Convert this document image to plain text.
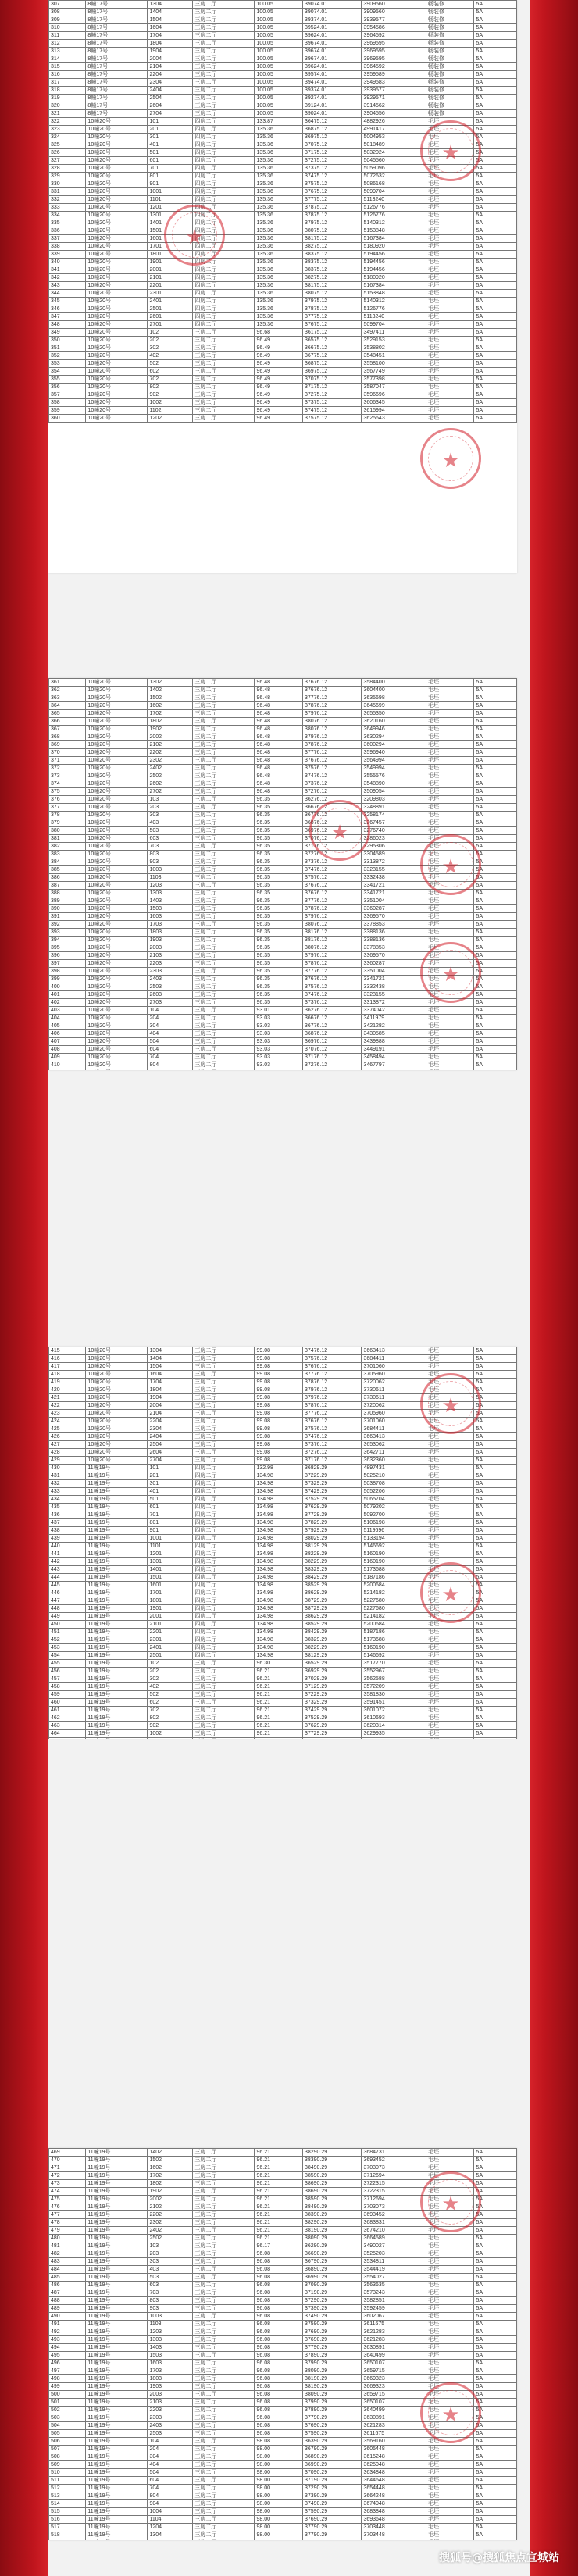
307	8幢17号	1304	三房二厅	100.05	39074.01	3909560	畅装修	5A
308	8幢17号	1404	三房二厅	100.05	39074.01	3909560	畅装修	5A
309	8幢17号	1504	三房二厅	100.05	39374.01	3939577	畅装修	5A
310	8幢17号	1604	三房二厅	100.05	39524.01	3954586	畅装修	5A
311	8幢17号	1704	三房二厅	100.05	39624.01	3964592	畅装修	5A
312	8幢17号	1804	三房二厅	100.05	39674.01	3969595	畅装修	5A
313	8幢17号	1904	三房二厅	100.05	39674.01	3969595	畅装修	5A
314	8幢17号	2004	三房二厅	100.05	39674.01	3969595	畅装修	5A
315	8幢17号	2104	三房二厅	100.05	39624.01	3964592	畅装修	5A
316	8幢17号	2204	三房二厅	100.05	39574.01	3959589	畅装修	5A
317	8幢17号	2304	三房二厅	100.05	39474.01	3949583	畅装修	5A
318	8幢17号	2404	三房二厅	100.05	39374.01	3939577	畅装修	5A
319	8幢17号	2504	三房二厅	100.05	39274.01	3929571	畅装修	5A
320	8幢17号	2604	三房二厅	100.05	39124.01	3914562	畅装修	5A
321	8幢17号	2704	三房二厅	100.05	39024.01	3904556	畅装修	5A
322	10幢20号	101	四房二厅	133.87	36475.12	4882926	毛坯	5A
323	10幢20号	201	四房二厅	135.36	36875.12	4991417	毛坯	5A
324	10幢20号	301	四房二厅	135.36	36975.12	5004953	毛坯	5A
325	10幢20号	401	四房二厅	135.36	37075.12	5018489	毛坯	5A
326	10幢20号	501	四房二厅	135.36	37175.12	5032024	毛坯	5A
327	10幢20号	601	四房二厅	135.36	37275.12	5045560	毛坯	5A
328	10幢20号	701	四房二厅	135.36	37375.12	5059096	毛坯	5A
329	10幢20号	801	四房二厅	135.36	37475.12	5072632	毛坯	5A
330	10幢20号	901	四房二厅	135.36	37575.12	5086168	毛坯	5A
331	10幢20号	1001	四房二厅	135.36	37675.12	5099704	毛坯	5A
332	10幢20号	1101	四房二厅	135.36	37775.12	5113240	毛坯	5A
333	10幢20号	1201	四房二厅	135.36	37875.12	5126776	毛坯	5A
334	10幢20号	1301	四房二厅	135.36	37875.12	5126776	毛坯	5A
335	10幢20号	1401	四房二厅	135.36	37975.12	5140312	毛坯	5A
336	10幢20号	1501	四房二厅	135.36	38075.12	5153848	毛坯	5A
337	10幢20号	1601	四房二厅	135.36	38175.12	5167384	毛坯	5A
338	10幢20号	1701	四房二厅	135.36	38275.12	5180920	毛坯	5A
339	10幢20号	1801	四房二厅	135.36	38375.12	5194456	毛坯	5A
340	10幢20号	1901	四房二厅	135.36	38375.12	5194456	毛坯	5A
341	10幢20号	2001	四房二厅	135.36	38375.12	5194456	毛坯	5A
342	10幢20号	2101	四房二厅	135.36	38275.12	5180920	毛坯	5A
343	10幢20号	2201	四房二厅	135.36	38175.12	5167384	毛坯	5A
344	10幢20号	2301	四房二厅	135.36	38075.12	5153848	毛坯	5A
345	10幢20号	2401	四房二厅	135.36	37975.12	5140312	毛坯	5A
346	10幢20号	2501	四房二厅	135.36	37875.12	5126776	毛坯	5A
347	10幢20号	2601	四房二厅	135.36	37775.12	5113240	毛坯	5A
348	10幢20号	2701	四房二厅	135.36	37675.12	5099704	毛坯	5A
349	10幢20号	102	三房二厅	96.68	36175.12	3497411	毛坯	5A
350	10幢20号	202	三房二厅	96.49	36575.12	3529153	毛坯	5A
351	10幢20号	302	三房二厅	96.49	36675.12	3538802	毛坯	5A
352	10幢20号	402	三房二厅	96.49	36775.12	3548451	毛坯	5A
353	10幢20号	502	三房二厅	96.49	36875.12	3558100	毛坯	5A
354	10幢20号	602	三房二厅	96.49	36975.12	3567749	毛坯	5A
355	10幢20号	702	三房二厅	96.49	37075.12	3577398	毛坯	5A
356	10幢20号	802	三房二厅	96.49	37175.12	3587047	毛坯	5A
357	10幢20号	902	三房二厅	96.49	37275.12	3596696	毛坯	5A
358	10幢20号	1002	三房二厅	96.49	37375.12	3606345	毛坯	5A
359	10幢20号	1102	三房二厅	96.49	37475.12	3615994	毛坯	5A
360	10幢20号	1202	三房二厅	96.49	37575.12	3625643	毛坯	5A
★
★
★
361	10幢20号	1302	三房二厅	96.48	37676.12	3584400	毛坯	5A
362	10幢20号	1402	三房二厅	96.48	37676.12	3604400	毛坯	5A
363	10幢20号	1502	三房二厅	96.48	37776.12	3635698	毛坯	5A
364	10幢20号	1602	三房二厅	96.48	37876.12	3645699	毛坯	5A
365	10幢20号	1702	三房二厅	96.48	37976.12	3655350	毛坯	5A
366	10幢20号	1802	三房二厅	96.48	38076.12	3620160	毛坯	5A
367	10幢20号	1902	三房二厅	96.48	38076.12	3649946	毛坯	5A
368	10幢20号	2002	三房二厅	96.48	37976.12	3630294	毛坯	5A
369	10幢20号	2102	三房二厅	96.48	37876.12	3600294	毛坯	5A
370	10幢20号	2202	三房二厅	96.48	37776.12	3596940	毛坯	5A
371	10幢20号	2302	三房二厅	96.48	37676.12	3564994	毛坯	5A
372	10幢20号	2402	三房二厅	96.48	37576.12	3549994	毛坯	5A
373	10幢20号	2502	三房二厅	96.48	37476.12	3555576	毛坯	5A
374	10幢20号	2602	三房二厅	96.48	37376.12	3548890	毛坯	5A
375	10幢20号	2702	三房二厅	96.48	37276.12	3509054	毛坯	5A
376	10幢20号	103	三房二厅	96.35	36276.12	3209803	毛坯	5A
377	10幢20号	203	三房二厅	96.35	36676.12	3248891	毛坯	5A
378	10幢20号	303	三房二厅	96.35	36776.12	3258174	毛坯	5A
379	10幢20号	403	三房二厅	96.35	36876.12	3267457	毛坯	5A
380	10幢20号	503	三房二厅	96.35	36976.12	3276740	毛坯	5A
381	10幢20号	603	三房二厅	96.35	37076.12	3286023	毛坯	5A
382	10幢20号	703	三房二厅	96.35	37176.12	3295306	毛坯	5A
383	10幢20号	803	三房二厅	96.35	37276.12	3304589	毛坯	5A
384	10幢20号	903	三房二厅	96.35	37376.12	3313872	毛坯	5A
385	10幢20号	1003	三房二厅	96.35	37476.12	3323155	毛坯	5A
386	10幢20号	1103	三房二厅	96.35	37576.12	3332438	毛坯	5A
387	10幢20号	1203	三房二厅	96.35	37676.12	3341721	毛坯	5A
388	10幢20号	1303	三房二厅	96.35	37676.12	3341721	毛坯	5A
389	10幢20号	1403	三房二厅	96.35	37776.12	3351004	毛坯	5A
390	10幢20号	1503	三房二厅	96.35	37876.12	3360287	毛坯	5A
391	10幢20号	1603	三房二厅	96.35	37976.12	3369570	毛坯	5A
392	10幢20号	1703	三房二厅	96.35	38076.12	3378853	毛坯	5A
393	10幢20号	1803	三房二厅	96.35	38176.12	3388136	毛坯	5A
394	10幢20号	1903	三房二厅	96.35	38176.12	3388136	毛坯	5A
395	10幢20号	2003	三房二厅	96.35	38076.12	3378853	毛坯	5A
396	10幢20号	2103	三房二厅	96.35	37976.12	3369570	毛坯	5A
397	10幢20号	2203	三房二厅	96.35	37876.12	3360287	毛坯	5A
398	10幢20号	2303	三房二厅	96.35	37776.12	3351004	毛坯	5A
399	10幢20号	2403	三房二厅	96.35	37676.12	3341721	毛坯	5A
400	10幢20号	2503	三房二厅	96.35	37576.12	3332438	毛坯	5A
401	10幢20号	2603	三房二厅	96.35	37476.12	3323155	毛坯	5A
402	10幢20号	2703	三房二厅	96.35	37376.12	3313872	毛坯	5A
403	10幢20号	104	三房二厅	93.01	36276.12	3374042	毛坯	5A
404	10幢20号	204	三房二厅	93.03	36676.12	3411979	毛坯	5A
405	10幢20号	304	三房二厅	93.03	36776.12	3421282	毛坯	5A
406	10幢20号	404	三房二厅	93.03	36876.12	3430585	毛坯	5A
407	10幢20号	504	三房二厅	93.03	36976.12	3439888	毛坯	5A
408	10幢20号	604	三房二厅	93.03	37076.12	3449191	毛坯	5A
409	10幢20号	704	三房二厅	93.03	37176.12	3458494	毛坯	5A
410	10幢20号	804	三房二厅	93.03	37276.12	3467797	毛坯	5A

★
★
★
415	10幢20号	1304	三房二厅	99.08	37476.12	3663413	毛坯	5A
416	10幢20号	1404	三房二厅	99.08	37576.12	3684411	毛坯	5A
417	10幢20号	1504	三房二厅	99.08	37676.12	3701060	毛坯	5A
418	10幢20号	1604	三房二厅	99.08	37776.12	3705960	毛坯	5A
419	10幢20号	1704	三房二厅	99.08	37876.12	3720062	毛坯	5A
420	10幢20号	1804	三房二厅	99.08	37976.12	3730611	毛坯	5A
421	10幢20号	1904	三房二厅	99.08	37976.12	3730611	毛坯	5A
422	10幢20号	2004	三房二厅	99.08	37876.12	3720062	毛坯	5A
423	10幢20号	2104	三房二厅	99.08	37776.12	3705960	毛坯	5A
424	10幢20号	2204	三房二厅	99.08	37676.12	3701060	毛坯	5A
425	10幢20号	2304	三房二厅	99.08	37576.12	3684411	毛坯	5A
426	10幢20号	2404	三房二厅	99.08	37476.12	3663413	毛坯	5A
427	10幢20号	2504	三房二厅	99.08	37376.12	3653062	毛坯	5A
428	10幢20号	2604	三房二厅	99.08	37276.12	3642711	毛坯	5A
429	10幢20号	2704	三房二厅	99.08	37176.12	3632360	毛坯	5A
430	11幢19号	101	四房二厅	132.98	36829.29	4897431	毛坯	5A
431	11幢19号	201	四房二厅	134.98	37229.29	5025210	毛坯	5A
432	11幢19号	301	四房二厅	134.98	37329.29	5038708	毛坯	5A
433	11幢19号	401	四房二厅	134.98	37429.29	5052206	毛坯	5A
434	11幢19号	501	四房二厅	134.98	37529.29	5065704	毛坯	5A
435	11幢19号	601	四房二厅	134.98	37629.29	5079202	毛坯	5A
436	11幢19号	701	四房二厅	134.98	37729.29	5092700	毛坯	5A
437	11幢19号	801	四房二厅	134.98	37829.29	5106198	毛坯	5A
438	11幢19号	901	四房二厅	134.98	37929.29	5119696	毛坯	5A
439	11幢19号	1001	四房二厅	134.98	38029.29	5133194	毛坯	5A
440	11幢19号	1101	四房二厅	134.98	38129.29	5146692	毛坯	5A
441	11幢19号	1201	四房二厅	134.98	38229.29	5160190	毛坯	5A
442	11幢19号	1301	四房二厅	134.98	38229.29	5160190	毛坯	5A
443	11幢19号	1401	四房二厅	134.98	38329.29	5173688	毛坯	5A
444	11幢19号	1501	四房二厅	134.98	38429.29	5187186	毛坯	5A
445	11幢19号	1601	四房二厅	134.98	38529.29	5200684	毛坯	5A
446	11幢19号	1701	四房二厅	134.98	38629.29	5214182	毛坯	5A
447	11幢19号	1801	四房二厅	134.98	38729.29	5227680	毛坯	5A
448	11幢19号	1901	四房二厅	134.98	38729.29	5227680	毛坯	5A
449	11幢19号	2001	四房二厅	134.98	38629.29	5214182	毛坯	5A
450	11幢19号	2101	四房二厅	134.98	38529.29	5200684	毛坯	5A
451	11幢19号	2201	四房二厅	134.98	38429.29	5187186	毛坯	5A
452	11幢19号	2301	四房二厅	134.98	38329.29	5173688	毛坯	5A
453	11幢19号	2401	四房二厅	134.98	38229.29	5160190	毛坯	5A
454	11幢19号	2501	四房二厅	134.98	38129.29	5146692	毛坯	5A
455	11幢19号	102	三房二厅	96.30	36529.29	3517770	毛坯	5A
456	11幢19号	202	三房二厅	96.21	36929.29	3552967	毛坯	5A
457	11幢19号	302	三房二厅	96.21	37029.29	3562588	毛坯	5A
458	11幢19号	402	三房二厅	96.21	37129.29	3572209	毛坯	5A
459	11幢19号	502	三房二厅	96.21	37229.29	3581830	毛坯	5A
460	11幢19号	602	三房二厅	96.21	37329.29	3591451	毛坯	5A
461	11幢19号	702	三房二厅	96.21	37429.29	3601072	毛坯	5A
462	11幢19号	802	三房二厅	96.21	37529.29	3610693	毛坯	5A
463	11幢19号	902	三房二厅	96.21	37629.29	3620314	毛坯	5A
464	11幢19号	1002	三房二厅	96.21	37729.29	3629935	毛坯	5A

★
★
469	11幢19号	1402	三房二厅	96.21	38290.29	3684731	毛坯	5A
470	11幢19号	1502	三房二厅	96.21	38390.29	3693452	毛坯	5A
471	11幢19号	1602	三房二厅	96.21	38490.29	3703073	毛坯	5A
472	11幢19号	1702	三房二厅	96.21	38590.29	3712694	毛坯	5A
473	11幢19号	1802	三房二厅	96.21	38690.29	3722315	毛坯	5A
474	11幢19号	1902	三房二厅	96.21	38690.29	3722315	毛坯	5A
475	11幢19号	2002	三房二厅	96.21	38590.29	3712694	毛坯	5A
476	11幢19号	2102	三房二厅	96.21	38490.29	3703073	毛坯	5A
477	11幢19号	2202	三房二厅	96.21	38390.29	3693452	毛坯	5A
478	11幢19号	2302	三房二厅	96.21	38290.29	3683831	毛坯	5A
479	11幢19号	2402	三房二厅	96.21	38190.29	3674210	毛坯	5A
480	11幢19号	2502	三房二厅	96.21	38090.29	3664589	毛坯	5A
481	11幢19号	103	三房二厅	96.17	36290.29	3490027	毛坯	5A
482	11幢19号	203	三房二厅	96.08	36690.29	3525203	毛坯	5A
483	11幢19号	303	三房二厅	96.08	36790.29	3534811	毛坯	5A
484	11幢19号	403	三房二厅	96.08	36890.29	3544419	毛坯	5A
485	11幢19号	503	三房二厅	96.08	36990.29	3554027	毛坯	5A
486	11幢19号	603	三房二厅	96.08	37090.29	3563635	毛坯	5A
487	11幢19号	703	三房二厅	96.08	37190.29	3573243	毛坯	5A
488	11幢19号	803	三房二厅	96.08	37290.29	3582851	毛坯	5A
489	11幢19号	903	三房二厅	96.08	37390.29	3592459	毛坯	5A
490	11幢19号	1003	三房二厅	96.08	37490.29	3602067	毛坯	5A
491	11幢19号	1103	三房二厅	96.08	37590.29	3611675	毛坯	5A
492	11幢19号	1203	三房二厅	96.08	37690.29	3621283	毛坯	5A
493	11幢19号	1303	三房二厅	96.08	37690.29	3621283	毛坯	5A
494	11幢19号	1403	三房二厅	96.08	37790.29	3630891	毛坯	5A
495	11幢19号	1503	三房二厅	96.08	37890.29	3640499	毛坯	5A
496	11幢19号	1603	三房二厅	96.08	37990.29	3650107	毛坯	5A
497	11幢19号	1703	三房二厅	96.08	38090.29	3659715	毛坯	5A
498	11幢19号	1803	三房二厅	96.08	38190.29	3669323	毛坯	5A
499	11幢19号	1903	三房二厅	96.08	38190.29	3669323	毛坯	5A
500	11幢19号	2003	三房二厅	96.08	38090.29	3659715	毛坯	5A
501	11幢19号	2103	三房二厅	96.08	37990.29	3650107	毛坯	5A
502	11幢19号	2203	三房二厅	96.08	37890.29	3640499	毛坯	5A
503	11幢19号	2303	三房二厅	96.08	37790.29	3630891	毛坯	5A
504	11幢19号	2403	三房二厅	96.08	37690.29	3621283	毛坯	5A
505	11幢19号	2503	三房二厅	96.08	37590.29	3611675	毛坯	5A
506	11幢19号	104	三房二厅	98.08	36390.29	3569160	毛坯	5A
507	11幢19号	204	三房二厅	98.00	36790.29	3605448	毛坯	5A
508	11幢19号	304	三房二厅	98.00	36890.29	3615248	毛坯	5A
509	11幢19号	404	三房二厅	98.00	36990.29	3625048	毛坯	5A
510	11幢19号	504	三房二厅	98.00	37090.29	3634848	毛坯	5A
511	11幢19号	604	三房二厅	98.00	37190.29	3644648	毛坯	5A
512	11幢19号	704	三房二厅	98.00	37290.29	3654448	毛坯	5A
513	11幢19号	804	三房二厅	98.00	37390.29	3664248	毛坯	5A
514	11幢19号	904	三房二厅	98.00	37490.29	3674048	毛坯	5A
515	11幢19号	1004	三房二厅	98.00	37590.29	3683848	毛坯	5A
516	11幢19号	1104	三房二厅	98.00	37690.29	3693648	毛坯	5A
517	11幢19号	1204	三房二厅	98.00	37790.29	3703448	毛坯	5A
518	11幢19号	1304	三房二厅	98.00	37790.29	3703448	毛坯	5A

★
★
搜狐号@搜狐焦点宣城站
